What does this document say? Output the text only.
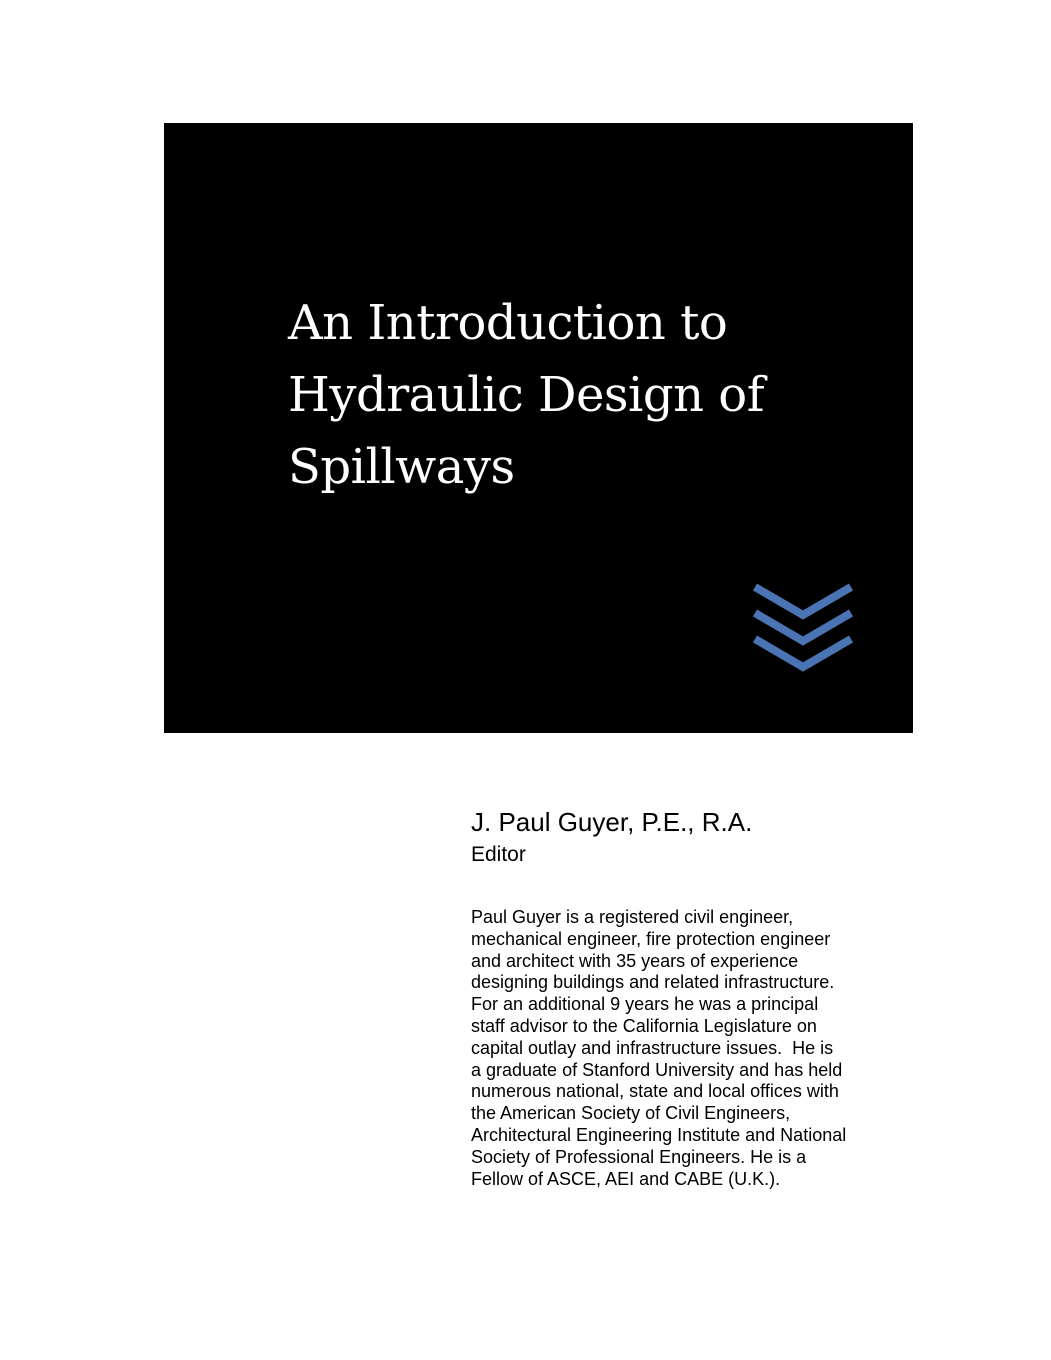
An Introduction to
Hydraulic Design of
Spillways
J. Paul Guyer, P.E., R.A.
Editor
Paul Guyer is a registered civil engineer,
mechanical engineer, fire protection engineer
and architect with 35 years of experience
designing buildings and related infrastructure.
For an additional 9 years he was a principal
staff advisor to the California Legislature on
capital outlay and infrastructure issues.  He is
a graduate of Stanford University and has held
numerous national, state and local offices with
the American Society of Civil Engineers,
Architectural Engineering Institute and National
Society of Professional Engineers. He is a
Fellow of ASCE, AEI and CABE (U.K.).
